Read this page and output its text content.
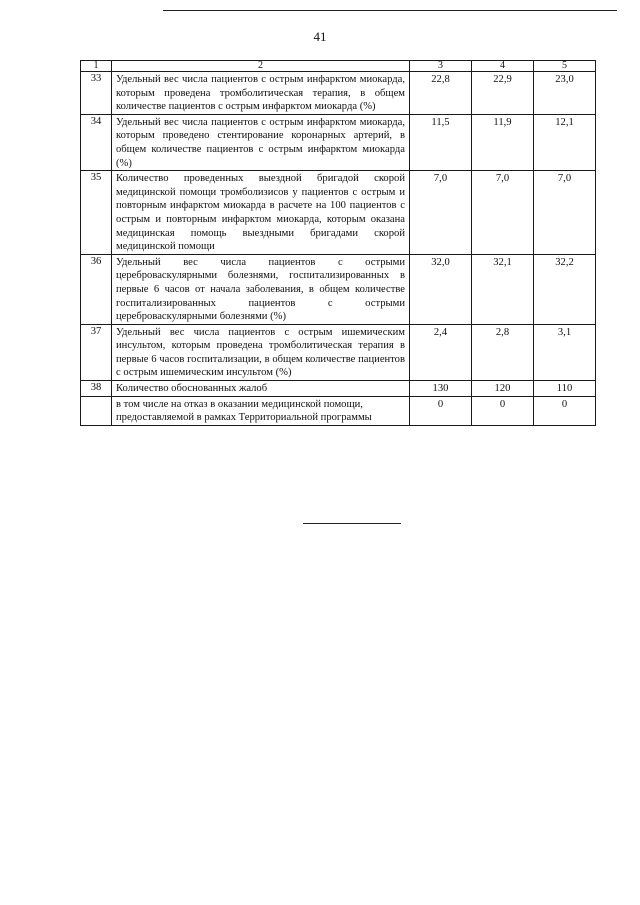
41
1	2	3	4	5
33	Удельный вес числа пациентов с острым инфарктом миокарда, которым проведена тромболитическая терапия, в общем количестве пациентов с острым инфарктом миокарда (%)	22,8	22,9	23,0
34	Удельный вес числа пациентов с острым инфарктом миокарда, которым проведено стентирование коронарных артерий, в общем количестве пациентов с острым инфарктом миокарда (%)	11,5	11,9	12,1
35	Количество проведенных выездной бригадой скорой медицинской помощи тромболизисов у пациентов с острым и повторным инфарктом миокарда в расчете на 100 пациентов с острым и повторным инфарктом миокарда, которым оказана медицинская помощь выездными бригадами скорой медицинской помощи	7,0	7,0	7,0
36	Удельный вес числа пациентов с острыми цереброваскулярными болезнями, госпитализированных в первые 6 часов от начала заболевания, в общем количестве госпитализированных пациентов с острыми цереброваскулярными болезнями (%)	32,0	32,1	32,2
37	Удельный вес числа пациентов с острым ишемическим инсультом, которым проведена тромболитическая терапия в первые 6 часов госпитализации, в общем количестве пациентов с острым ишемическим инсультом (%)	2,4	2,8	3,1
38	Количество обоснованных жалоб	130	120	110
	в том числе на отказ в оказании медицинской помощи, предоставляемой в рамках Территориальной программы	0	0	0
